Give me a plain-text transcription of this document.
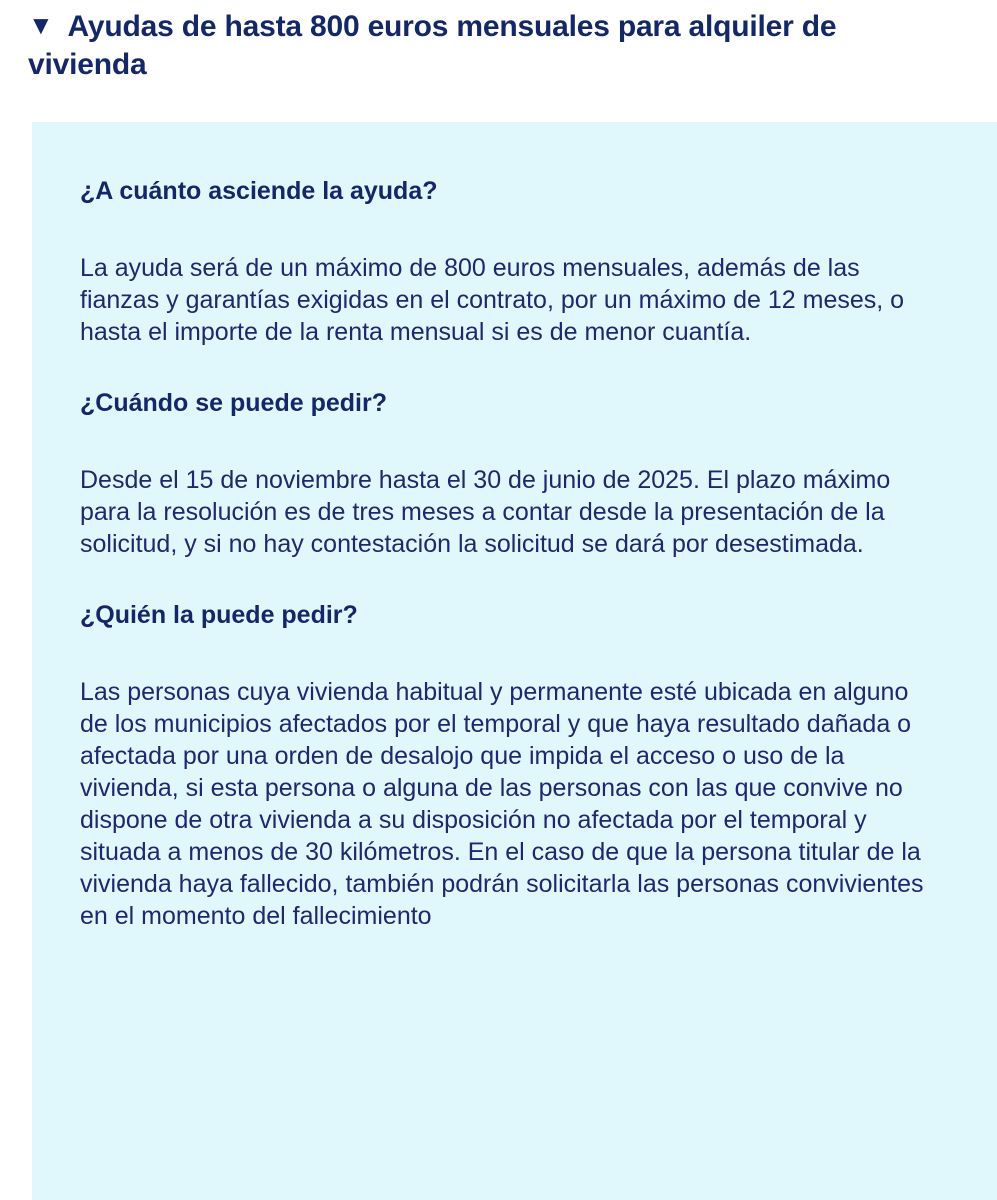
▼ Ayudas de hasta 800 euros mensuales para alquiler de vivienda
¿A cuánto asciende la ayuda?

La ayuda será de un máximo de 800 euros mensuales, además de las fianzas y garantías exigidas en el contrato, por un máximo de 12 meses, o hasta el importe de la renta mensual si es de menor cuantía.

¿Cuándo se puede pedir?

Desde el 15 de noviembre hasta el 30 de junio de 2025. El plazo máximo para la resolución es de tres meses a contar desde la presentación de la solicitud, y si no hay contestación la solicitud se dará por desestimada.

¿Quién la puede pedir?

Las personas cuya vivienda habitual y permanente esté ubicada en alguno de los municipios afectados por el temporal y que haya resultado dañada o afectada por una orden de desalojo que impida el acceso o uso de la vivienda, si esta persona o alguna de las personas con las que convive no dispone de otra vivienda a su disposición no afectada por el temporal y situada a menos de 30 kilómetros. En el caso de que la persona titular de la vivienda haya fallecido, también podrán solicitarla las personas convivientes en el momento del fallecimiento
